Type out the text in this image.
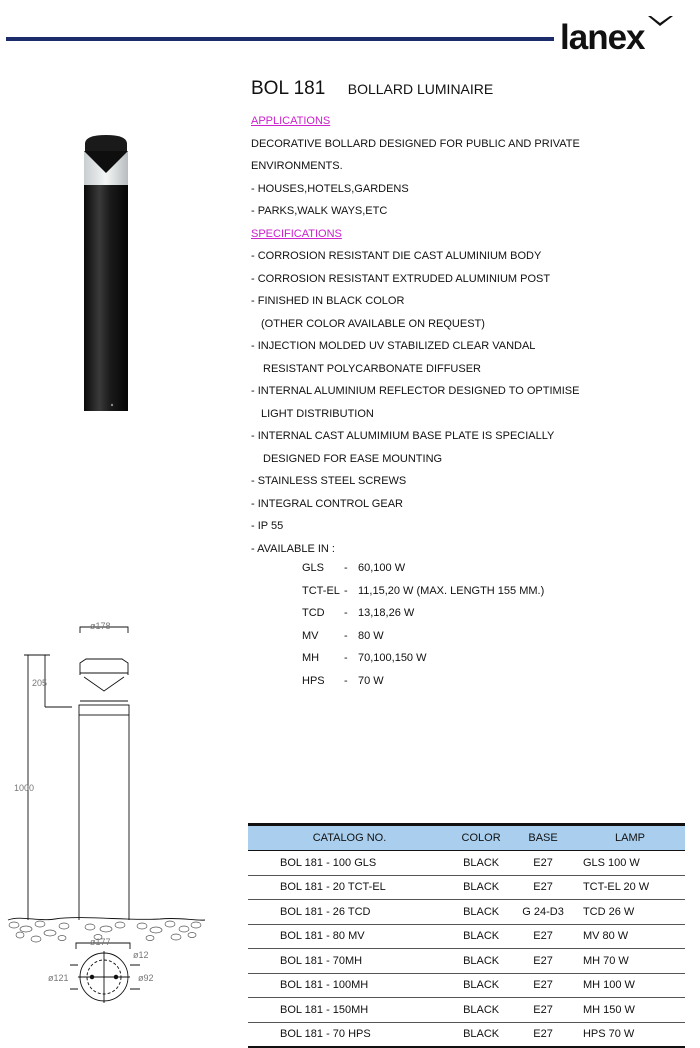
lanex
BOL 181 BOLLARD LUMINAIRE
APPLICATIONS
DECORATIVE BOLLARD DESIGNED FOR PUBLIC AND PRIVATE
ENVIRONMENTS.
- HOUSES,HOTELS,GARDENS
- PARKS,WALK WAYS,ETC
SPECIFICATIONS
- CORROSION RESISTANT DIE CAST ALUMINIUM BODY
- CORROSION RESISTANT EXTRUDED ALUMINIUM POST
- FINISHED IN BLACK COLOR
(OTHER COLOR AVAILABLE ON REQUEST)
- INJECTION MOLDED UV STABILIZED CLEAR VANDAL
RESISTANT POLYCARBONATE DIFFUSER
- INTERNAL ALUMINIUM REFLECTOR DESIGNED TO OPTIMISE
LIGHT DISTRIBUTION
- INTERNAL CAST ALUMIMIUM BASE PLATE IS SPECIALLY
DESIGNED FOR EASE MOUNTING
- STAINLESS STEEL SCREWS
- INTEGRAL CONTROL GEAR
- IP 55
- AVAILABLE IN :
GLS - 60,100 W
TCT-EL - 11,15,20 W (MAX. LENGTH 155 MM.)
TCD - 13,18,26 W
MV - 80 W
MH - 70,100,150 W
HPS - 70 W
ø178
205
1000
ø177
ø121
ø12
ø92
CATALOG NO.	COLOR	BASE	LAMP
BOL 181 - 100 GLS	BLACK	E27	GLS 100 W
BOL 181 - 20 TCT-EL	BLACK	E27	TCT-EL 20 W
BOL 181 - 26 TCD	BLACK	G 24-D3	TCD 26 W
BOL 181 - 80 MV	BLACK	E27	MV 80 W
BOL 181 - 70MH	BLACK	E27	MH 70 W
BOL 181 - 100MH	BLACK	E27	MH 100 W
BOL 181 - 150MH	BLACK	E27	MH 150 W
BOL 181 - 70 HPS	BLACK	E27	HPS 70 W
